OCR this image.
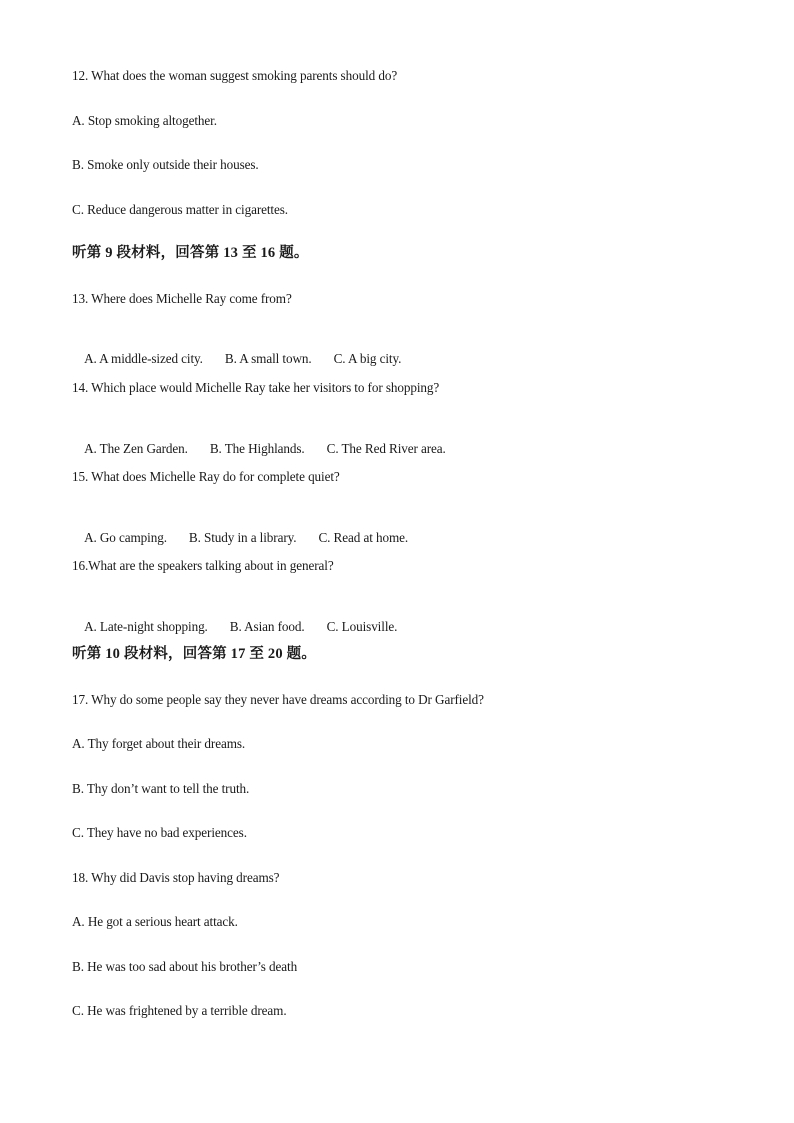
12. What does the woman suggest smoking parents should do?
A. Stop smoking altogether.
B. Smoke only outside their houses.
C. Reduce dangerous matter in cigarettes.
听第 9 段材料，回答第 13 至 16 题。
13. Where does Michelle Ray come from?

A. A middle-sized city. B. A small town. C. A big city.

14. Which place would Michelle Ray take her visitors to for shopping?

A. The Zen Garden. B. The Highlands. C. The Red River area.

15. What does Michelle Ray do for complete quiet?

A. Go camping. B. Study in a library. C. Read at home.

16.What are the speakers talking about in general?

A. Late-night shopping. B. Asian food. C. Louisville.

听第 10 段材料，回答第 17 至 20 题。
17. Why do some people say they never have dreams according to Dr Garfield?
A. Thy forget about their dreams.
B. Thy don’t want to tell the truth.
C. They have no bad experiences.
18. Why did Davis stop having dreams?
A. He got a serious heart attack.
B. He was too sad about his brother’s death
C. He was frightened by a terrible dream.
